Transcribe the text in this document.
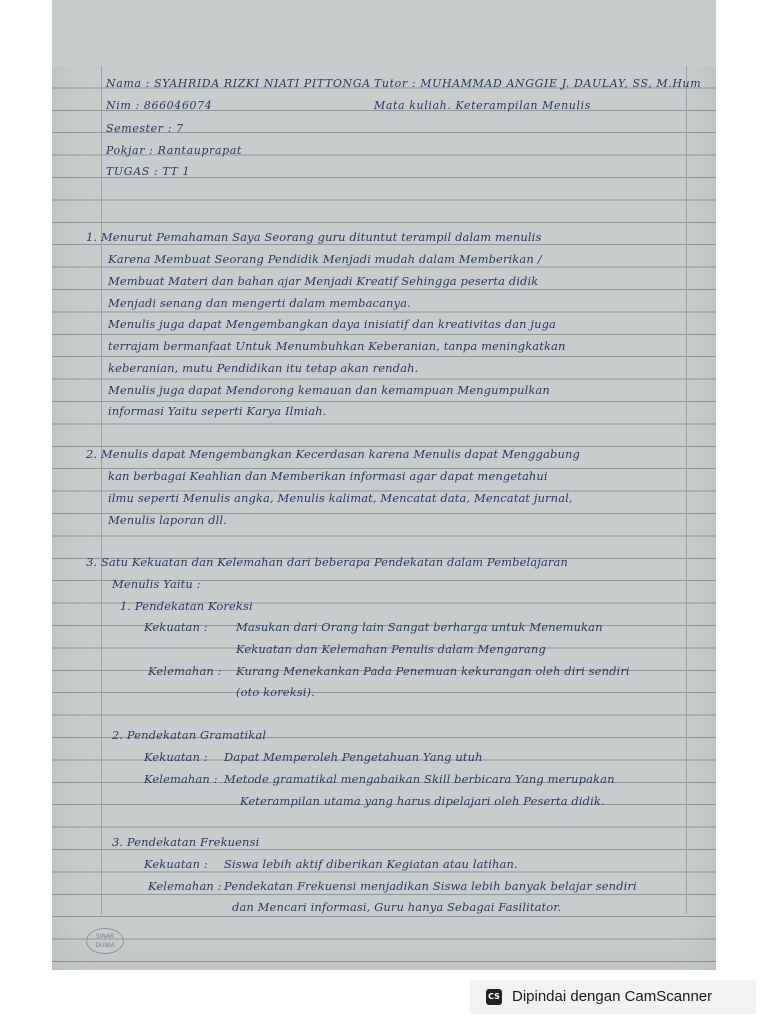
Nama : SYAHRIDA RIZKI NIATI PITTONGA Tutor : MUHAMMAD ANGGIE J. DAULAY, SS, M.Hum
Nim : 866046074	Mata kuliah. Keterampilan Menulis
Semester : 7
Pokjar : Rantauprapat
TUGAS : TT 1
1. Menurut Pemahaman Saya Seorang guru dituntut terampil dalam menulis
Karena Membuat Seorang Pendidik Menjadi mudah dalam Memberikan /
Membuat Materi dan bahan ajar Menjadi Kreatif Sehingga peserta didik
Menjadi senang dan mengerti dalam membacanya.
Menulis juga dapat Mengembangkan daya inisiatif dan kreativitas dan juga
terrajam bermanfaat Untuk Menumbuhkan Keberanian, tanpa meningkatkan
keberanian, mutu Pendidikan itu tetap akan rendah.
Menulis juga dapat Mendorong kemauan dan kemampuan Mengumpulkan
informasi Yaitu seperti Karya Ilmiah.
2. Menulis dapat Mengembangkan Kecerdasan karena Menulis dapat Menggabung
kan berbagai Keahlian dan Memberikan informasi agar dapat mengetahui
ilmu seperti Menulis angka, Menulis kalimat, Mencatat data, Mencatat jurnal,
Menulis laporan dll.
3. Satu Kekuatan dan Kelemahan dari beberapa Pendekatan dalam Pembelajaran
Menulis Yaitu :
1. Pendekatan Koreksi
Kekuatan : Masukan dari Orang lain Sangat berharga untuk Menemukan
Kekuatan dan Kelemahan Penulis dalam Mengarang
Kelemahan : Kurang Menekankan Pada Penemuan kekurangan oleh diri sendiri
(oto koreksi).
2. Pendekatan Gramatikal
Kekuatan : Dapat Memperoleh Pengetahuan Yang utuh
Kelemahan : Metode gramatikal mengabaikan Skill berbicara Yang merupakan
Keterampilan utama yang harus dipelajari oleh Peserta didik.
3. Pendekatan Frekuensi
Kekuatan : Siswa lebih aktif diberikan Kegiatan atau latihan.
Kelemahan : Pendekatan Frekuensi menjadikan Siswa lebih banyak belajar sendiri
dan Mencari informasi, Guru hanya Sebagai Fasilitator.
SINAR DUNIA
CS Dipindai dengan CamScanner
